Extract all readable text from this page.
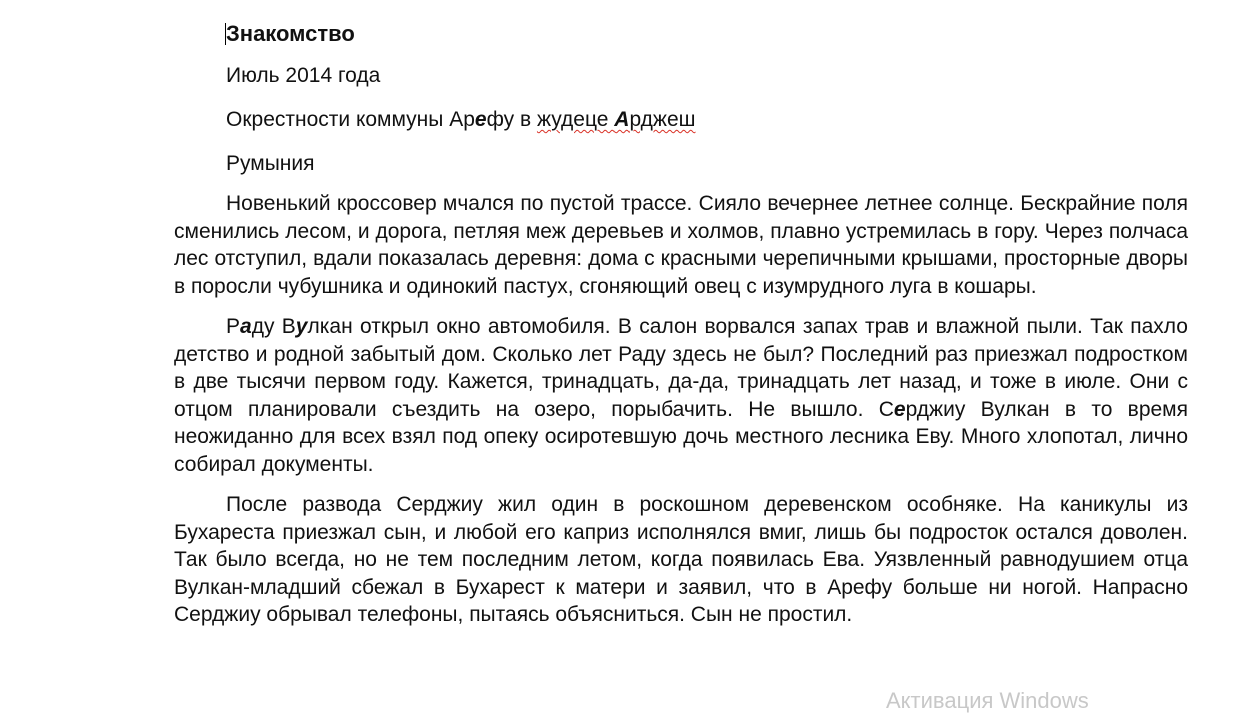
Знакомство
Июль 2014 года
Окрестности коммуны Арефу в жудеце Арджеш
Румыния
Новенький кроссовер мчался по пустой трассе. Сияло вечернее летнее солнце. Бескрайние поля сменились лесом, и дорога, петляя меж деревьев и холмов, плавно устремилась в гору. Через полчаса лес отступил, вдали показалась деревня: дома с красными черепичными крышами, просторные дворы в поросли чубушника и одинокий пастух, сгоняющий овец с изумрудного луга в кошары.
Раду Вулкан открыл окно автомобиля. В салон ворвался запах трав и влажной пыли. Так пахло детство и родной забытый дом. Сколько лет Раду здесь не был? Последний раз приезжал подростком в две тысячи первом году. Кажется, тринадцать, да-да, тринадцать лет назад, и тоже в июле. Они с отцом планировали съездить на озеро, порыбачить. Не вышло. Серджиу Вулкан в то время неожиданно для всех взял под опеку осиротевшую дочь местного лесника Еву. Много хлопотал, лично собирал документы.
После развода Серджиу жил один в роскошном деревенском особняке. На каникулы из Бухареста приезжал сын, и любой его каприз исполнялся вмиг, лишь бы подросток остался доволен. Так было всегда, но не тем последним летом, когда появилась Ева. Уязвленный равнодушием отца Вулкан-младший сбежал в Бухарест к матери и заявил, что в Арефу больше ни ногой. Напрасно Серджиу обрывал телефоны, пытаясь объясниться. Сын не простил.
Активация Windows
